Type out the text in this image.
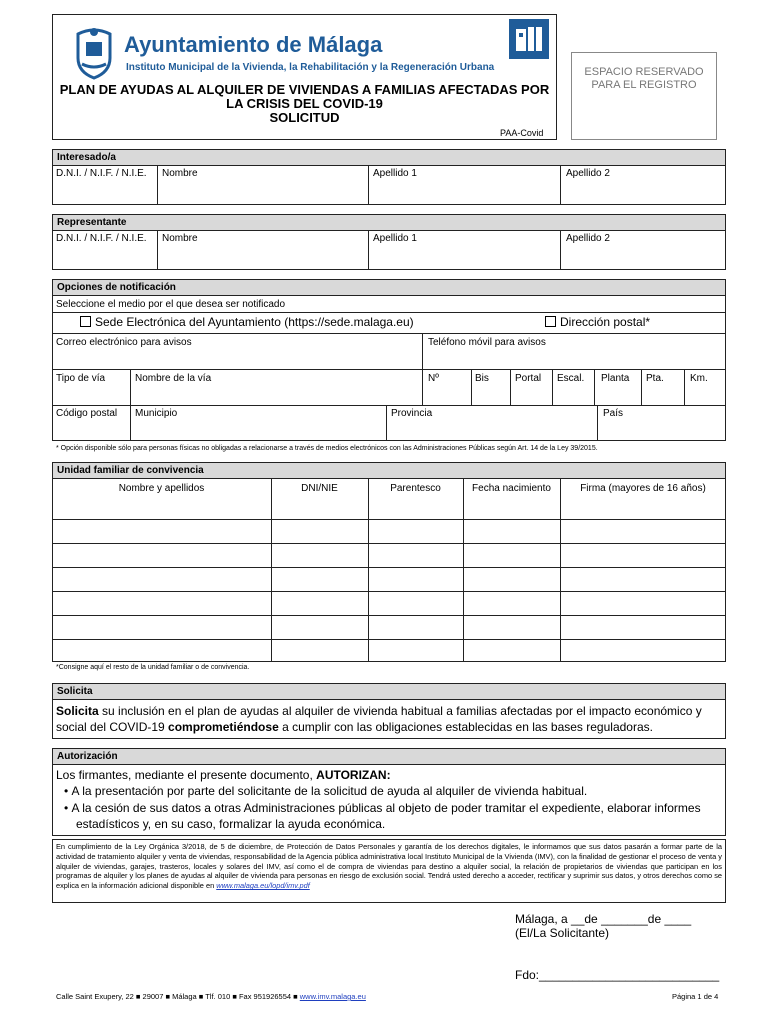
Ayuntamiento de Málaga
Instituto Municipal de la Vivienda, la Rehabilitación y la Regeneración Urbana
PLAN DE AYUDAS AL ALQUILER DE VIVIENDAS A FAMILIAS AFECTADAS POR
LA CRISIS DEL COVID-19
SOLICITUD
PAA-Covid
ESPACIO RESERVADO PARA EL REGISTRO
Interesado/a
D.N.I. / N.I.F. / N.I.E. Nombre	Apellido 1	Apellido 2
Representante
D.N.I. / N.I.F. / N.I.E. Nombre	Apellido 1	Apellido 2
Opciones de notificación
Seleccione el medio por el que desea ser notificado
Sede Electrónica del Ayuntamiento (https://sede.malaga.eu)	Dirección postal*
Correo electrónico para avisos	Teléfono móvil para avisos
Tipo de vía	Nombre de la vía	Nº	Bis	Portal Escal. Planta Pta.	Km.
Código postal Municipio	Provincia	País
* Opción disponible sólo para personas físicas no obligadas a relacionarse a través de medios electrónicos con las Administraciones Públicas según Art. 14 de la Ley 39/2015.
Unidad familiar de convivencia
Nombre y apellidos	DNI/NIE	Parentesco	Fecha nacimiento	Firma (mayores de 16 años)
*Consigne aquí el resto de la unidad familiar o de convivencia.
Solicita
Solicita su inclusión en el plan de ayudas al alquiler de vivienda habitual a familias afectadas por el impacto económico y social del COVID-19 comprometiéndose a cumplir con las obligaciones establecidas en las bases reguladoras.
Autorización
Los firmantes, mediante el presente documento, AUTORIZAN:
• A la presentación por parte del solicitante de la solicitud de ayuda al alquiler de vivienda habitual.
• A la cesión de sus datos a otras Administraciones públicas al objeto de poder tramitar el expediente, elaborar informes estadísticos y, en su caso, formalizar la ayuda económica.
En cumplimiento de la Ley Orgánica 3/2018, de 5 de diciembre, de Protección de Datos Personales y garantía de los derechos digitales, le informamos que sus datos pasarán a formar parte de la actividad de tratamiento alquiler y venta de viviendas, responsabilidad de la Agencia pública administrativa local Instituto Municipal de la Vivienda (IMV), con la finalidad de gestionar el proceso de venta y alquiler de viviendas, garajes, trasteros, locales y solares del IMV, así como el de compra de viviendas para destino a alquiler social, la relación de propietarios de viviendas que participan en los programas de alquiler y los planes de ayudas al alquiler de vivienda para personas en riesgo de exclusión social. Tendrá usted derecho a acceder, rectificar y suprimir sus datos, y otros derechos como se explica en la información adicional disponible en www.malaga.eu/lopd/imv.pdf
Málaga, a __de _______de ____
(El/La Solicitante)
Fdo:___________________________
Calle Saint Exupery, 22 ■ 29007 ■ Málaga ■ Tlf. 010 ■ Fax 951926554 ■ www.imv.malaga.eu	Página 1 de 4
